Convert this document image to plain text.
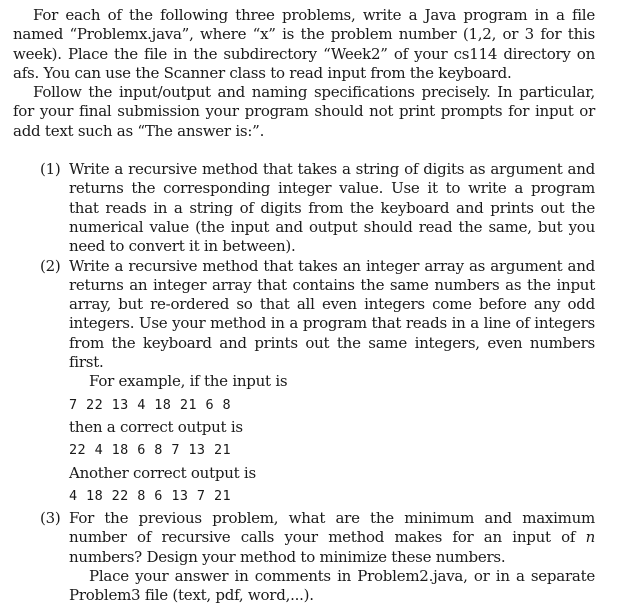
For each of the following three problems, write a Java program in a file named “Problemx.java”, where “x” is the problem number (1,2, or 3 for this week). Place the file in the subdirectory “Week2” of your cs114 directory on afs. You can use the Scanner class to read input from the keyboard.

Follow the input/output and naming specifications precisely. In particular, for your final submission your program should not print prompts for input or add text such as “The answer is:”.

(1) Write a recursive method that takes a string of digits as argument and returns the corresponding integer value. Use it to write a program that reads in a string of digits from the keyboard and prints out the numerical value (the input and output should read the same, but you need to convert it in between).

(2) Write a recursive method that takes an integer array as argument and returns an integer array that contains the same numbers as the input array, but re-ordered so that all even integers come before any odd integers. Use your method in a program that reads in a line of integers from the keyboard and prints out the same integers, even numbers first.

For example, if the input is

7 22 13 4 18 21 6 8

then a correct output is

22 4 18 6 8 7 13 21

Another correct output is

4 18 22 8 6 13 7 21
(3) For the previous problem, what are the minimum and maximum number of recursive calls your method makes for an input of n numbers? Design your method to minimize these numbers.

Place your answer in comments in Problem2.java, or in a separate Problem3 file (text, pdf, word,...).
